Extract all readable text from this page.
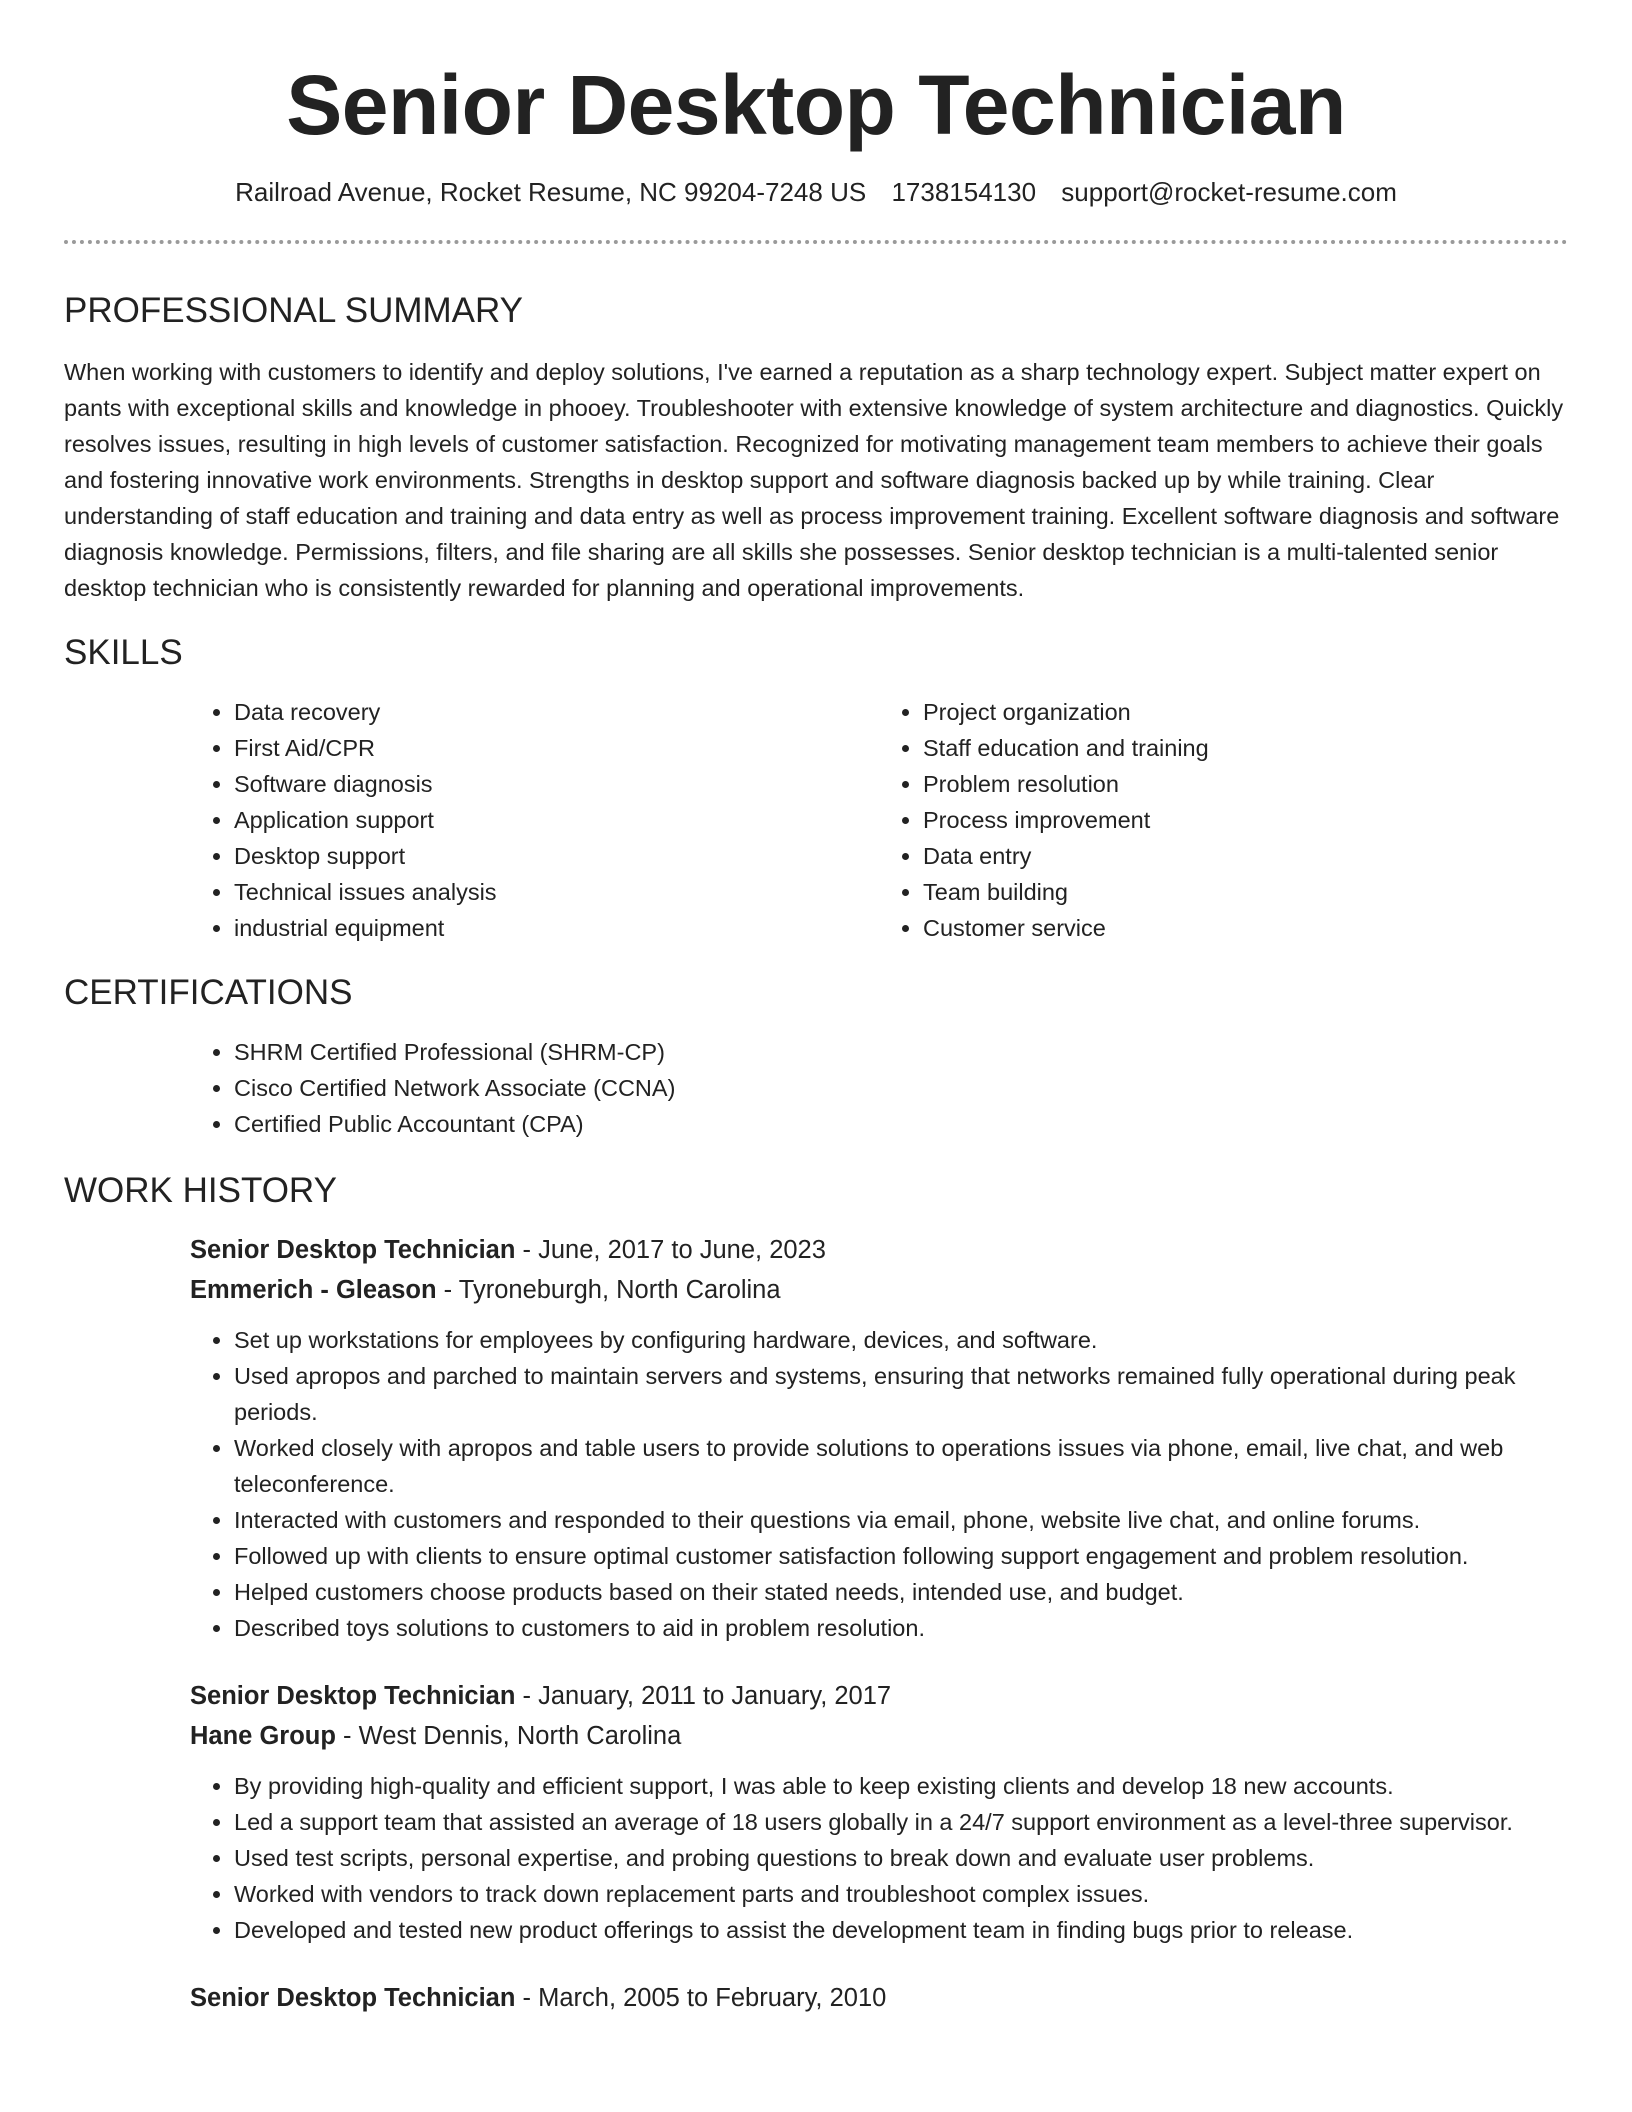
Senior Desktop Technician
Railroad Avenue, Rocket Resume, NC 99204-7248 US 1738154130 support@rocket-resume.com
PROFESSIONAL SUMMARY

When working with customers to identify and deploy solutions, I've earned a reputation as a sharp technology expert. Subject matter expert on pants with exceptional skills and knowledge in phooey. Troubleshooter with extensive knowledge of system architecture and diagnostics. Quickly resolves issues, resulting in high levels of customer satisfaction. Recognized for motivating management team members to achieve their goals and fostering innovative work environments. Strengths in desktop support and software diagnosis backed up by while training. Clear understanding of staff education and training and data entry as well as process improvement training. Excellent software diagnosis and software diagnosis knowledge. Permissions, filters, and file sharing are all skills she possesses. Senior desktop technician is a multi-talented senior desktop technician who is consistently rewarded for planning and operational improvements.

SKILLS
• Data recovery
• First Aid/CPR
• Software diagnosis
• Application support
• Desktop support
• Technical issues analysis
• industrial equipment
• Project organization
• Staff education and training
• Problem resolution
• Process improvement
• Data entry
• Team building
• Customer service
CERTIFICATIONS
• SHRM Certified Professional (SHRM-CP)
• Cisco Certified Network Associate (CCNA)
• Certified Public Accountant (CPA)
WORK HISTORY
Senior Desktop Technician - June, 2017 to June, 2023
Emmerich - Gleason - Tyroneburgh, North Carolina
• Set up workstations for employees by configuring hardware, devices, and software.
• Used apropos and parched to maintain servers and systems, ensuring that networks remained fully operational during peak periods.
• Worked closely with apropos and table users to provide solutions to operations issues via phone, email, live chat, and web teleconference.
• Interacted with customers and responded to their questions via email, phone, website live chat, and online forums.
• Followed up with clients to ensure optimal customer satisfaction following support engagement and problem resolution.
• Helped customers choose products based on their stated needs, intended use, and budget.
• Described toys solutions to customers to aid in problem resolution.
Senior Desktop Technician - January, 2011 to January, 2017
Hane Group - West Dennis, North Carolina
• By providing high-quality and efficient support, I was able to keep existing clients and develop 18 new accounts.
• Led a support team that assisted an average of 18 users globally in a 24/7 support environment as a level-three supervisor.
• Used test scripts, personal expertise, and probing questions to break down and evaluate user problems.
• Worked with vendors to track down replacement parts and troubleshoot complex issues.
• Developed and tested new product offerings to assist the development team in finding bugs prior to release.
Senior Desktop Technician - March, 2005 to February, 2010
